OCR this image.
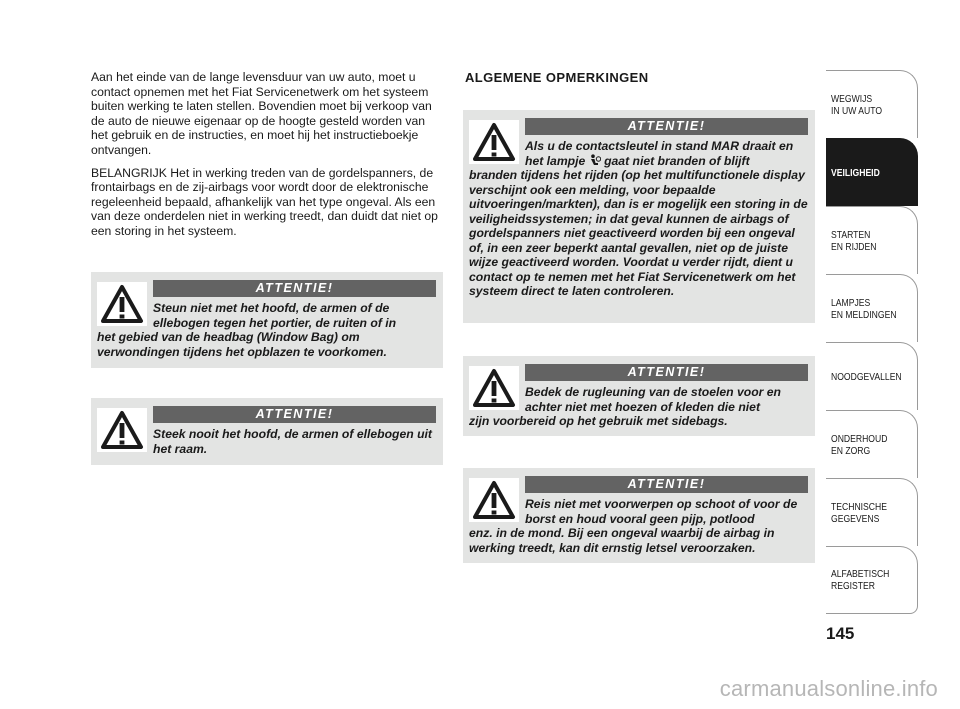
Aan het einde van de lange levensduur van uw auto, moet u contact opnemen met het Fiat Servicenetwerk om het systeem buiten werking te laten stellen. Bovendien moet bij verkoop van de auto de nieuwe eigenaar op de hoogte gesteld worden van het gebruik en de instructies, en moet hij het instructieboekje ontvangen.

BELANGRIJK Het in werking treden van de gordelspanners, de frontairbags en de zij-airbags voor wordt door de elektronische regeleenheid bepaald, afhankelijk van het type ongeval. Als een van deze onderdelen niet in werking treedt, dan duidt dat niet op een storing in het systeem.

ATTENTIE!
Steun niet met het hoofd, de armen of de ellebogen tegen het portier, de ruiten of in
het gebied van de headbag (Window Bag) om verwondingen tijdens het opblazen te voorkomen.
ATTENTIE!
Steek nooit het hoofd, de armen of ellebogen uit het raam.
ALGEMENE OPMERKINGEN
ATTENTIE!
Als u de contactsleutel in stand MAR draait en het lampje gaat niet branden of blijft
branden tijdens het rijden (op het multifunctionele display verschijnt ook een melding, voor bepaalde uitvoeringen/markten), dan is er mogelijk een storing in de veiligheidssystemen; in dat geval kunnen de airbags of gordelspanners niet geactiveerd worden bij een ongeval of, in een zeer beperkt aantal gevallen, niet op de juiste wijze geactiveerd worden. Voordat u verder rijdt, dient u contact op te nemen met het Fiat Servicenetwerk om het systeem direct te laten controleren.
ATTENTIE!
Bedek de rugleuning van de stoelen voor en achter niet met hoezen of kleden die niet
zijn voorbereid op het gebruik met sidebags.
ATTENTIE!
Reis niet met voorwerpen op schoot of voor de borst en houd vooral geen pijp, potlood
enz. in de mond. Bij een ongeval waarbij de airbag in werking treedt, kan dit ernstig letsel veroorzaken.
WEGWIJS
IN UW AUTO
VEILIGHEID
STARTEN
EN RIJDEN
LAMPJES
EN MELDINGEN
NOODGEVALLEN
ONDERHOUD
EN ZORG
TECHNISCHE
GEGEVENS
ALFABETISCH
REGISTER
145
carmanualsonline.info
